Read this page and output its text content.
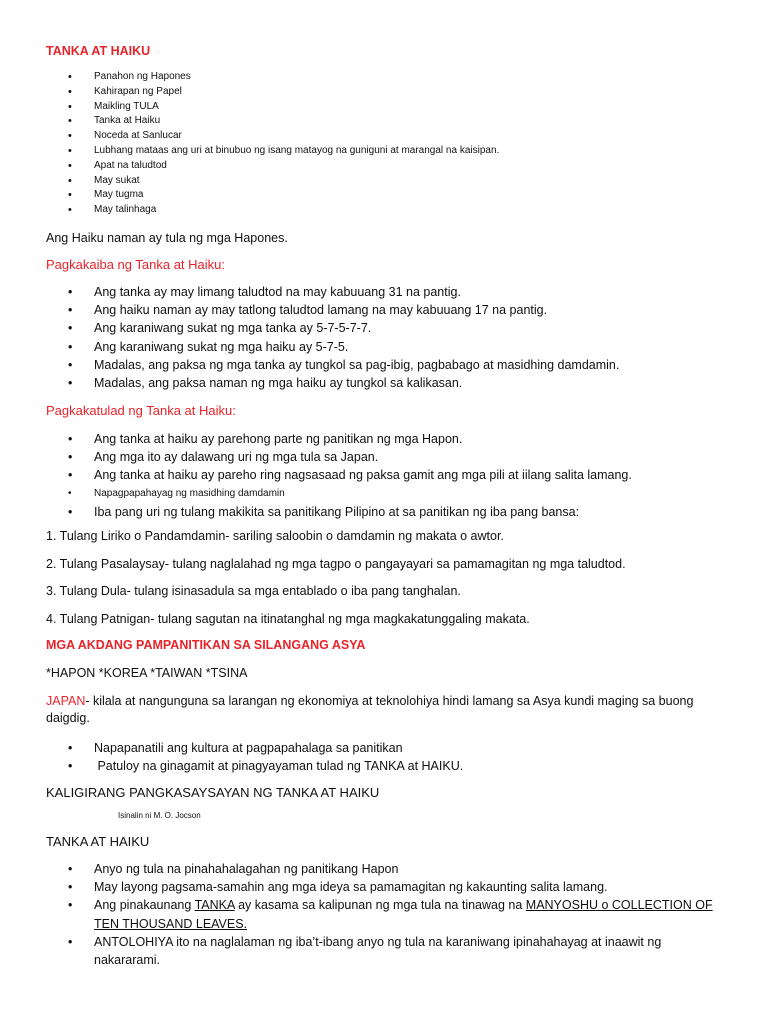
TANKA AT HAIKU
• Panahon ng Hapones
• Kahirapan ng Papel
• Maikling TULA
• Tanka at Haiku
• Noceda at Sanlucar
• Lubhang mataas ang uri at binubuo ng isang matayog na guniguni at marangal na kaisipan.
• Apat na taludtod
• May sukat
• May tugma
• May talinhaga

Ang Haiku naman ay tula ng mga Hapones.

Pagkakaiba ng Tanka at Haiku:
• Ang tanka ay may limang taludtod na may kabuuang 31 na pantig.
• Ang haiku naman ay may tatlong taludtod lamang na may kabuuang 17 na pantig.
• Ang karaniwang sukat ng mga tanka ay 5-7-5-7-7.
• Ang karaniwang sukat ng mga haiku ay 5-7-5.
• Madalas, ang paksa ng mga tanka ay tungkol sa pag-ibig, pagbabago at masidhing damdamin.
• Madalas, ang paksa naman ng mga haiku ay tungkol sa kalikasan.
Pagkakatulad ng Tanka at Haiku:
• Ang tanka at haiku ay parehong parte ng panitikan ng mga Hapon.
• Ang mga ito ay dalawang uri ng mga tula sa Japan.
• Ang tanka at haiku ay pareho ring nagsasaad ng paksa gamit ang mga pili at iilang salita lamang.
• Napagpapahayag ng masidhing damdamin
• Iba pang uri ng tulang makikita sa panitikang Pilipino at sa panitikan ng iba pang bansa:

1. Tulang Liriko o Pandamdamin- sariling saloobin o damdamin ng makata o awtor.

2. Tulang Pasalaysay- tulang naglalahad ng mga tagpo o pangayayari sa pamamagitan ng mga taludtod.

3. Tulang Dula- tulang isinasadula sa mga entablado o iba pang tanghalan.

4. Tulang Patnigan- tulang sagutan na itinatanghal ng mga magkakatunggaling makata.

MGA AKDANG PAMPANITIKAN SA SILANGANG ASYA

*HAPON *KOREA *TAIWAN *TSINA

JAPAN- kilala at nangunguna sa larangan ng ekonomiya at teknolohiya hindi lamang sa Asya kundi maging sa buong daigdig.

• Napapanatili ang kultura at pagpapahalaga sa panitikan
•  Patuloy na ginagamit at pinagyayaman tulad ng TANKA at HAIKU.
KALIGIRANG PANGKASAYSAYAN NG TANKA AT HAIKU
Isinalin ni M. O. Jocson
TANKA AT HAIKU
• Anyo ng tula na pinahahalagahan ng panitikang Hapon
• May layong pagsama-samahin ang mga ideya sa pamamagitan ng kakaunting salita lamang.
• Ang pinakaunang TANKA ay kasama sa kalipunan ng mga tula na tinawag na MANYOSHU o COLLECTION OF TEN THOUSAND LEAVES.
• ANTOLOHIYA ito na naglalaman ng iba’t-ibang anyo ng tula na karaniwang ipinahahayag at inaawit ng nakararami.
